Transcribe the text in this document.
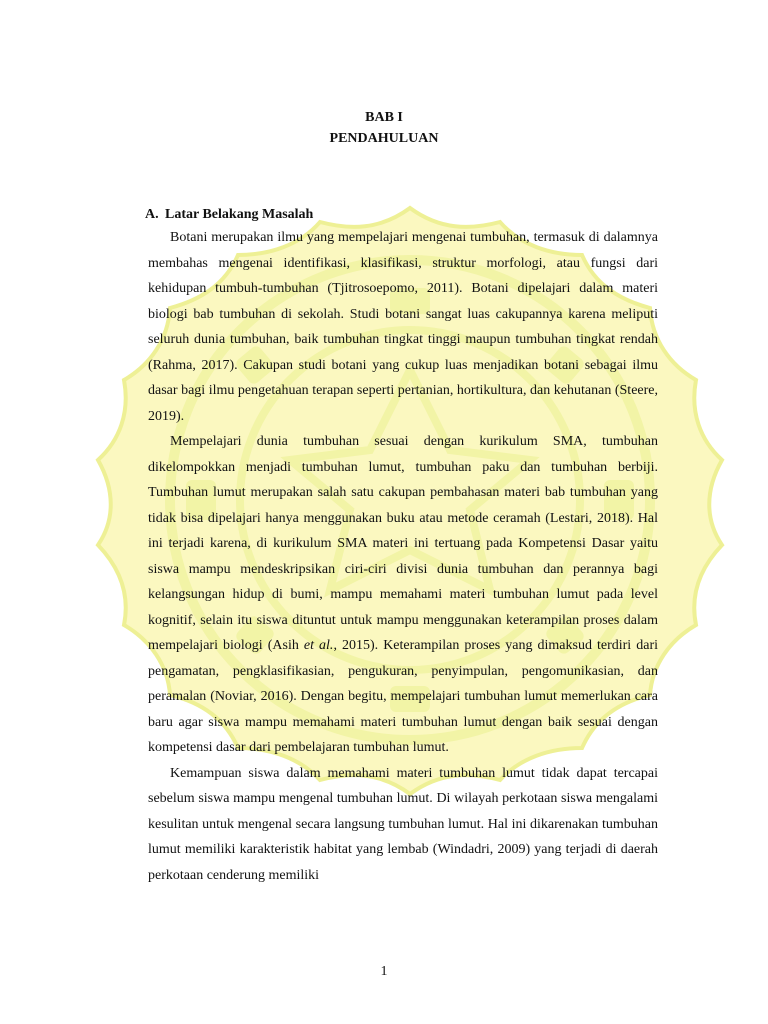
BAB I
PENDAHULUAN
A. Latar Belakang Masalah

Botani merupakan ilmu yang mempelajari mengenai tumbuhan, termasuk di dalamnya membahas mengenai identifikasi, klasifikasi, struktur morfologi, atau fungsi dari kehidupan tumbuh-tumbuhan (Tjitrosoepomo, 2011). Botani dipelajari dalam materi biologi bab tumbuhan di sekolah. Studi botani sangat luas cakupannya karena meliputi seluruh dunia tumbuhan, baik tumbuhan tingkat tinggi maupun tumbuhan tingkat rendah (Rahma, 2017). Cakupan studi botani yang cukup luas menjadikan botani sebagai ilmu dasar bagi ilmu pengetahuan terapan seperti pertanian, hortikultura, dan kehutanan (Steere, 2019).

Mempelajari dunia tumbuhan sesuai dengan kurikulum SMA, tumbuhan dikelompokkan menjadi tumbuhan lumut, tumbuhan paku dan tumbuhan berbiji. Tumbuhan lumut merupakan salah satu cakupan pembahasan materi bab tumbuhan yang tidak bisa dipelajari hanya menggunakan buku atau metode ceramah (Lestari, 2018). Hal ini terjadi karena, di kurikulum SMA materi ini tertuang pada Kompetensi Dasar yaitu siswa mampu mendeskripsikan ciri-ciri divisi dunia tumbuhan dan perannya bagi kelangsungan hidup di bumi, mampu memahami materi tumbuhan lumut pada level kognitif, selain itu siswa dituntut untuk mampu menggunakan keterampilan proses dalam mempelajari biologi (Asih et al., 2015). Keterampilan proses yang dimaksud terdiri dari pengamatan, pengklasifikasian, pengukuran, penyimpulan, pengomunikasian, dan peramalan (Noviar, 2016). Dengan begitu, mempelajari tumbuhan lumut memerlukan cara baru agar siswa mampu memahami materi tumbuhan lumut dengan baik sesuai dengan kompetensi dasar dari pembelajaran tumbuhan lumut.

Kemampuan siswa dalam memahami materi tumbuhan lumut tidak dapat tercapai sebelum siswa mampu mengenal tumbuhan lumut. Di wilayah perkotaan siswa mengalami kesulitan untuk mengenal secara langsung tumbuhan lumut. Hal ini dikarenakan tumbuhan lumut memiliki karakteristik habitat yang lembab (Windadri, 2009) yang terjadi di daerah perkotaan cenderung memiliki

1
